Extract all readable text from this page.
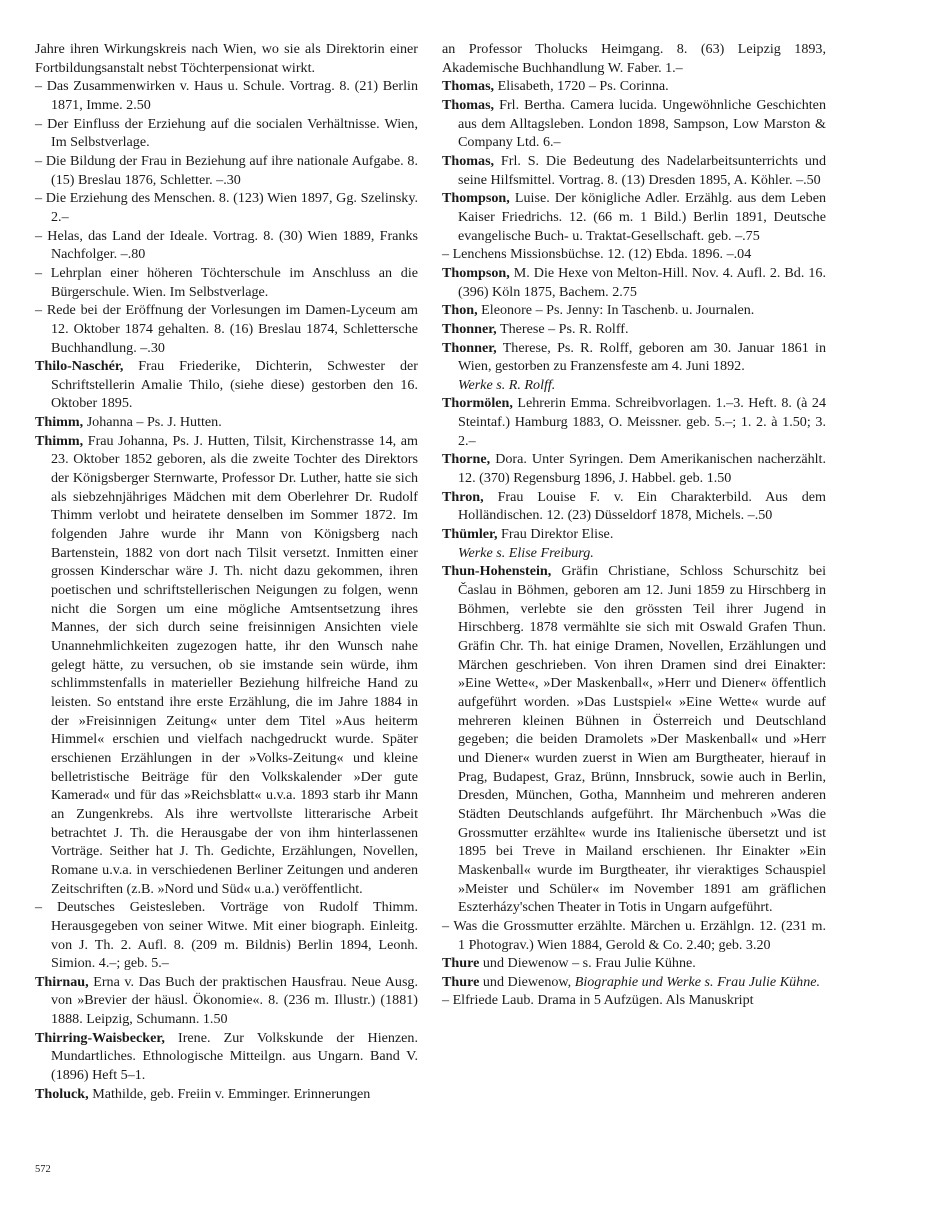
Jahre ihren Wirkungskreis nach Wien, wo sie als Direktorin einer Fortbildungsanstalt nebst Töchterpensionat wirkt.

– Das Zusammenwirken v. Haus u. Schule. Vortrag. 8. (21) Berlin 1871, Imme. 2.50

– Der Einfluss der Erziehung auf die socialen Verhältnisse. Wien, Im Selbstverlage.

– Die Bildung der Frau in Beziehung auf ihre nationale Aufgabe. 8. (15) Breslau 1876, Schletter. –.30

– Die Erziehung des Menschen. 8. (123) Wien 1897, Gg. Szelinsky. 2.–

– Helas, das Land der Ideale. Vortrag. 8. (30) Wien 1889, Franks Nachfolger. –.80

– Lehrplan einer höheren Töchterschule im Anschluss an die Bürgerschule. Wien. Im Selbstverlage.

– Rede bei der Eröffnung der Vorlesungen im Damen-Lyceum am 12. Oktober 1874 gehalten. 8. (16) Breslau 1874, Schlettersche Buchhandlung. –.30

Thilo-Naschér, Frau Friederike, Dichterin, Schwester der Schriftstellerin Amalie Thilo, (siehe diese) gestorben den 16. Oktober 1895.

Thimm, Johanna – Ps. J. Hutten.

Thimm, Frau Johanna, Ps. J. Hutten, Tilsit, Kirchenstrasse 14, am 23. Oktober 1852 geboren, als die zweite Tochter des Direktors der Königsberger Sternwarte, Professor Dr. Luther, hatte sie sich als siebzehnjähriges Mädchen mit dem Oberlehrer Dr. Rudolf Thimm verlobt und heiratete denselben im Sommer 1872. Im folgenden Jahre wurde ihr Mann von Königsberg nach Bartenstein, 1882 von dort nach Tilsit versetzt. Inmitten einer grossen Kinderschar wäre J. Th. nicht dazu gekommen, ihren poetischen und schriftstellerischen Neigungen zu folgen, wenn nicht die Sorgen um eine mögliche Amtsentsetzung ihres Mannes, der sich durch seine freisinnigen Ansichten viele Unannehmlichkeiten zugezogen hatte, ihr den Wunsch nahe gelegt hätte, zu versuchen, ob sie imstande sein würde, ihm schlimmstenfalls in materieller Beziehung hilfreiche Hand zu leisten. So entstand ihre erste Erzählung, die im Jahre 1884 in der »Freisinnigen Zeitung« unter dem Titel »Aus heiterm Himmel« erschien und vielfach nachgedruckt wurde. Später erschienen Erzählungen in der »Volks-Zeitung« und kleine belletristische Beiträge für den Volkskalender »Der gute Kamerad« und für das »Reichsblatt« u.v.a. 1893 starb ihr Mann an Zungenkrebs. Als ihre wertvollste litterarische Arbeit betrachtet J. Th. die Herausgabe der von ihm hinterlassenen Vorträge. Seither hat J. Th. Gedichte, Erzählungen, Novellen, Romane u.v.a. in verschiedenen Berliner Zeitungen und anderen Zeitschriften (z.B. »Nord und Süd« u.a.) veröffentlicht.

– Deutsches Geistesleben. Vorträge von Rudolf Thimm. Herausgegeben von seiner Witwe. Mit einer biograph. Einleitg. von J. Th. 2. Aufl. 8. (209 m. Bildnis) Berlin 1894, Leonh. Simion. 4.–; geb. 5.–

Thirnau, Erna v. Das Buch der praktischen Hausfrau. Neue Ausg. von »Brevier der häusl. Ökonomie«. 8. (236 m. Illustr.) (1881) 1888. Leipzig, Schumann. 1.50

Thirring-Waisbecker, Irene. Zur Volkskunde der Hienzen. Mundartliches. Ethnologische Mitteilgn. aus Ungarn. Band V. (1896) Heft 5–1.

Tholuck, Mathilde, geb. Freiin v. Emminger. Erinnerungen

an Professor Tholucks Heimgang. 8. (63) Leipzig 1893, Akademische Buchhandlung W. Faber. 1.–

Thomas, Elisabeth, 1720 – Ps. Corinna.

Thomas, Frl. Bertha. Camera lucida. Ungewöhnliche Geschichten aus dem Alltagsleben. London 1898, Sampson, Low Marston & Company Ltd. 6.–

Thomas, Frl. S. Die Bedeutung des Nadelarbeitsunterrichts und seine Hilfsmittel. Vortrag. 8. (13) Dresden 1895, A. Köhler. –.50

Thompson, Luise. Der königliche Adler. Erzählg. aus dem Leben Kaiser Friedrichs. 12. (66 m. 1 Bild.) Berlin 1891, Deutsche evangelische Buch- u. Traktat-Gesellschaft. geb. –.75

– Lenchens Missionsbüchse. 12. (12) Ebda. 1896. –.04

Thompson, M. Die Hexe von Melton-Hill. Nov. 4. Aufl. 2. Bd. 16. (396) Köln 1875, Bachem. 2.75

Thon, Eleonore – Ps. Jenny: In Taschenb. u. Journalen.

Thonner, Therese – Ps. R. Rolff.

Thonner, Therese, Ps. R. Rolff, geboren am 30. Januar 1861 in Wien, gestorben zu Franzensfeste am 4. Juni 1892.

Werke s. R. Rolff.

Thormölen, Lehrerin Emma. Schreibvorlagen. 1.–3. Heft. 8. (à 24 Steintaf.) Hamburg 1883, O. Meissner. geb. 5.–; 1. 2. à 1.50; 3. 2.–

Thorne, Dora. Unter Syringen. Dem Amerikanischen nacherzählt. 12. (370) Regensburg 1896, J. Habbel. geb. 1.50

Thron, Frau Louise F. v. Ein Charakterbild. Aus dem Holländischen. 12. (23) Düsseldorf 1878, Michels. –.50

Thümler, Frau Direktor Elise.

Werke s. Elise Freiburg.

Thun-Hohenstein, Gräfin Christiane, Schloss Schurschitz bei Časlau in Böhmen, geboren am 12. Juni 1859 zu Hirschberg in Böhmen, verlebte sie den grössten Teil ihrer Jugend in Hirschberg. 1878 vermählte sie sich mit Oswald Grafen Thun. Gräfin Chr. Th. hat einige Dramen, Novellen, Erzählungen und Märchen geschrieben. Von ihren Dramen sind drei Einakter: »Eine Wette«, »Der Maskenball«, »Herr und Diener« öffentlich aufgeführt worden. »Das Lustspiel« »Eine Wette« wurde auf mehreren kleinen Bühnen in Österreich und Deutschland gegeben; die beiden Dramolets »Der Maskenball« und »Herr und Diener« wurden zuerst in Wien am Burgtheater, hierauf in Prag, Budapest, Graz, Brünn, Innsbruck, sowie auch in Berlin, Dresden, München, Gotha, Mannheim und mehreren anderen Städten Deutschlands aufgeführt. Ihr Märchenbuch »Was die Grossmutter erzählte« wurde ins Italienische übersetzt und ist 1895 bei Treve in Mailand erschienen. Ihr Einakter »Ein Maskenball« wurde im Burgtheater, ihr vieraktiges Schauspiel »Meister und Schüler« im November 1891 am gräflichen Eszterházy'schen Theater in Totis in Ungarn aufgeführt.

– Was die Grossmutter erzählte. Märchen u. Erzählgn. 12. (231 m. 1 Photograv.) Wien 1884, Gerold & Co. 2.40; geb. 3.20

Thure und Diewenow – s. Frau Julie Kühne.

Thure und Diewenow, Biographie und Werke s. Frau Julie Kühne.

– Elfriede Laub. Drama in 5 Aufzügen. Als Manuskript

572
